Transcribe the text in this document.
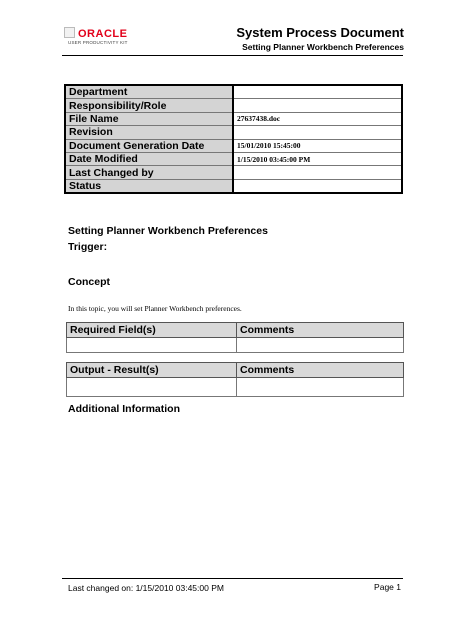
ORACLE
USER PRODUCTIVITY KIT
System Process Document
Setting Planner Workbench Preferences
Department	
Responsibility/Role	
File Name	27637438.doc
Revision	
Document Generation Date	15/01/2010 15:45:00
Date Modified	1/15/2010 03:45:00 PM
Last Changed by	
Status	
Setting Planner Workbench Preferences
Trigger:
Concept
In this topic, you will set Planner Workbench preferences.
Required Field(s)	Comments

Output - Result(s)	Comments

Additional Information
Last changed on: 1/15/2010 03:45:00 PM	Page 1
